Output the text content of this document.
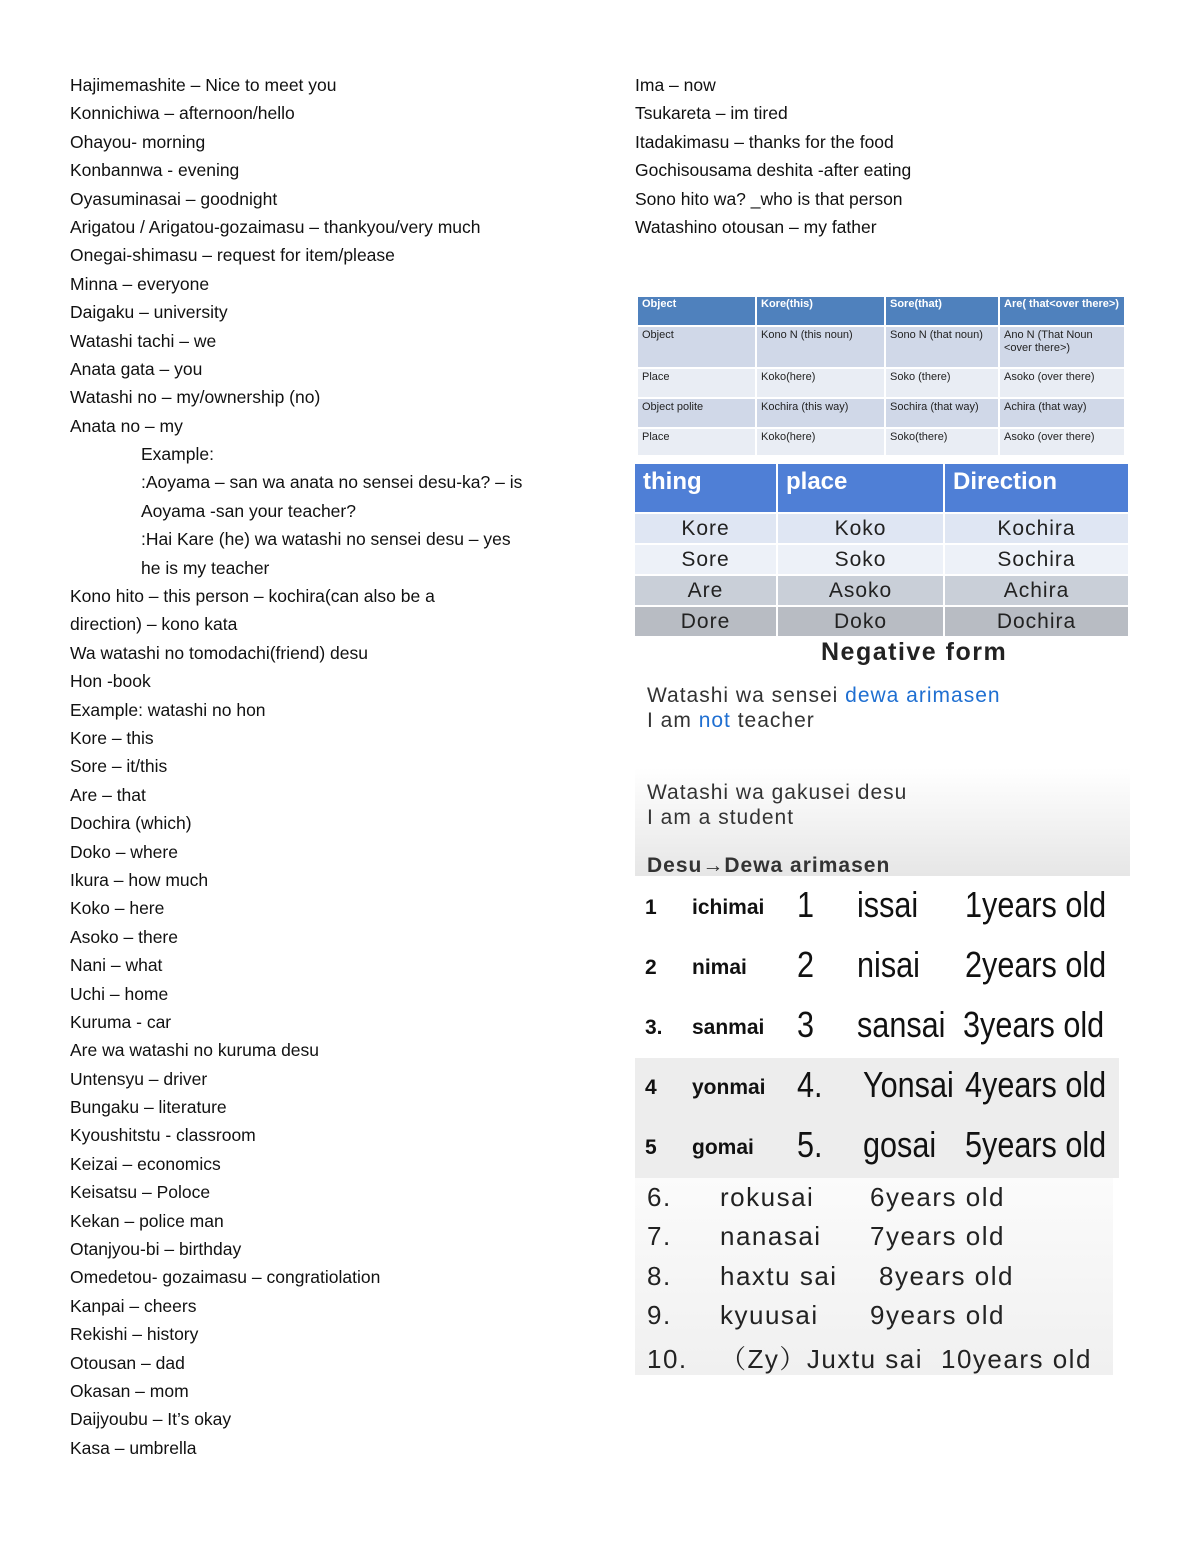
Hajimemashite – Nice to meet you
Konnichiwa – afternoon/hello
Ohayou- morning
Konbannwa - evening
Oyasuminasai – goodnight
Arigatou / Arigatou-gozaimasu – thankyou/very much
Onegai-shimasu – request for item/please
Minna – everyone
Daigaku – university
Watashi tachi – we
Anata gata – you
Watashi no – my/ownership (no)
Anata no – my
Example:
:Aoyama – san wa anata no sensei desu-ka? – is
Aoyama -san your teacher?
:Hai Kare (he) wa watashi no sensei desu – yes
he is my teacher
Kono hito – this person – kochira(can also be a
direction) – kono kata
Wa watashi no tomodachi(friend) desu
Hon -book
Example: watashi no hon
Kore – this
Sore – it/this
Are – that
Dochira (which)
Doko – where
Ikura – how much
Koko – here
Asoko – there
Nani – what
Uchi – home
Kuruma - car
Are wa watashi no kuruma desu
Untensyu – driver
Bungaku – literature
Kyoushitstu - classroom
Keizai – economics
Keisatsu – Poloce
Kekan – police man
Otanjyou-bi – birthday
Omedetou- gozaimasu – congratiolation
Kanpai – cheers
Rekishi – history
Otousan – dad
Okasan – mom
Daijyoubu – It’s okay
Kasa – umbrella
Ima – now
Tsukareta – im tired
Itadakimasu – thanks for the food
Gochisousama deshita -after eating
Sono hito wa? _who is that person
Watashino otousan – my father
Object	Kore(this)	Sore(that)	Are( that<over there>)
Object	Kono N (this noun)	Sono N (that noun)	Ano N (That Noun <over there>)
Place	Koko(here)	Soko (there)	Asoko (over there)
Object polite	Kochira (this way)	Sochira (that way)	Achira (that way)
Place	Koko(here)	Soko(there)	Asoko (over there)
thing	place	Direction
Kore	Koko	Kochira
Sore	Soko	Sochira
Are	Asoko	Achira
Dore	Doko	Dochira
Negative form
Watashi wa sensei dewa arimasen
I am not teacher
Watashi wa gakusei desu
I am a student
Desu→Dewa arimasen
1 ichimai 1 issai 1years old
2 nimai 2 nisai 2years old
3. sanmai 3 sansai 3years old
4 yonmai 4. Yonsai 4years old
5 gomai 5. gosai 5years old
6. rokusai 6years old
7. nanasai 7years old
8. haxtu sai 8years old
9. kyuusai 9years old
10. （Zy）Juxtu sai 10years old
